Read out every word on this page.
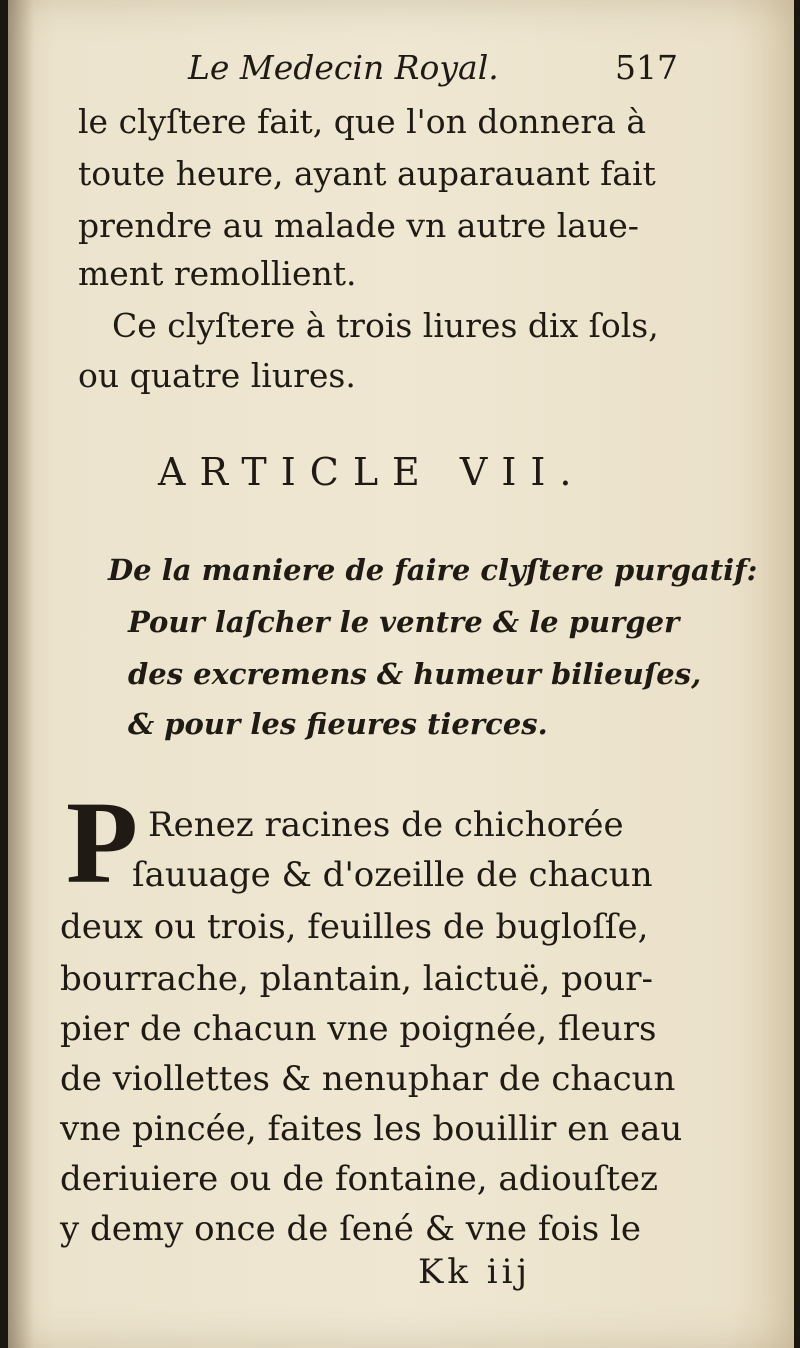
Le Medecin Royal.	517
le clyſtere fait, que l'on donnera à
toute heure, ayant auparauant fait
prendre au malade vn autre laue-
ment remollient.
Ce clyſtere à trois liures dix ſols,
ou quatre liures.
ARTICLE VII.
De la maniere de faire clyſtere purgatif:
Pour laſcher le ventre & le purger
des excremens & humeur bilieuſes,
& pour les fieures tierces.
P Renez racines de chichorée
ſauuage & d'ozeille de chacun
deux ou trois, feuilles de bugloſſe,
bourrache, plantain, laictuë, pour-
pier de chacun vne poignée, fleurs
de viollettes & nenuphar de chacun
vne pincée, faites les bouillir en eau
deriuiere ou de fontaine, adiouſtez
y demy once de ſené & vne fois le
Kk iij
